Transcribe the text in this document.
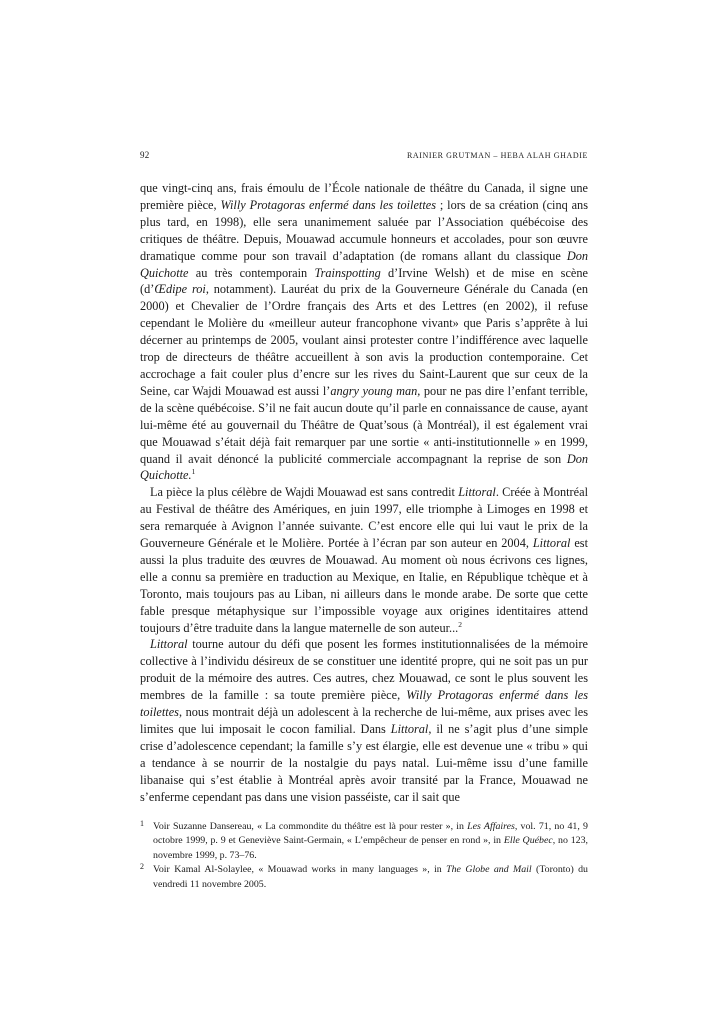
92	RAINIER GRUTMAN – HEBA ALAH GHADIE

que vingt-cinq ans, frais émoulu de l’École nationale de théâtre du Canada, il signe une première pièce, Willy Protagoras enfermé dans les toilettes ; lors de sa création (cinq ans plus tard, en 1998), elle sera unanimement saluée par l’Association québécoise des critiques de théâtre. Depuis, Mouawad accumule honneurs et accolades, pour son œuvre dramatique comme pour son travail d’adaptation (de romans allant du classique Don Quichotte au très contemporain Trainspotting d’Irvine Welsh) et de mise en scène (d’Œdipe roi, notamment). Lauréat du prix de la Gouverneure Générale du Canada (en 2000) et Chevalier de l’Ordre français des Arts et des Lettres (en 2002), il refuse cependant le Molière du «meilleur auteur francophone vivant» que Paris s’apprête à lui décerner au printemps de 2005, voulant ainsi protester contre l’indifférence avec laquelle trop de directeurs de théâtre accueillent à son avis la production contemporaine. Cet accrochage a fait couler plus d’encre sur les rives du Saint-Laurent que sur ceux de la Seine, car Wajdi Mouawad est aussi l’angry young man, pour ne pas dire l’enfant terrible, de la scène québécoise. S’il ne fait aucun doute qu’il parle en connaissance de cause, ayant lui-même été au gouvernail du Théâtre de Quat’sous (à Montréal), il est également vrai que Mouawad s’était déjà fait remarquer par une sortie « anti-institutionnelle » en 1999, quand il avait dénoncé la publicité commerciale accompagnant la reprise de son Don Quichotte.$^1$

La pièce la plus célèbre de Wajdi Mouawad est sans contredit Littoral. Créée à Montréal au Festival de théâtre des Amériques, en juin 1997, elle triomphe à Limoges en 1998 et sera remarquée à Avignon l’année suivante. C’est encore elle qui lui vaut le prix de la Gouverneure Générale et le Molière. Portée à l’écran par son auteur en 2004, Littoral est aussi la plus traduite des œuvres de Mouawad. Au moment où nous écrivons ces lignes, elle a connu sa première en traduction au Mexique, en Italie, en République tchèque et à Toronto, mais toujours pas au Liban, ni ailleurs dans le monde arabe. De sorte que cette fable presque métaphysique sur l’impossible voyage aux origines identitaires attend toujours d’être traduite dans la langue maternelle de son auteur...$^2$

Littoral tourne autour du défi que posent les formes institutionnalisées de la mémoire collective à l’individu désireux de se constituer une identité propre, qui ne soit pas un pur produit de la mémoire des autres. Ces autres, chez Mouawad, ce sont le plus souvent les membres de la famille : sa toute première pièce, Willy Protagoras enfermé dans les toilettes, nous montrait déjà un adolescent à la recherche de lui-même, aux prises avec les limites que lui imposait le cocon familial. Dans Littoral, il ne s’agit plus d’une simple crise d’adolescence cependant; la famille s’y est élargie, elle est devenue une « tribu » qui a tendance à se nourrir de la nostalgie du pays natal. Lui-même issu d’une famille libanaise qui s’est établie à Montréal après avoir transité par la France, Mouawad ne s’enferme cependant pas dans une vision passéiste, car il sait que

1 Voir Suzanne Dansereau, « La commondite du théâtre est là pour rester », in Les Affaires, vol. 71, no 41, 9 octobre 1999, p. 9 et Geneviève Saint-Germain, « L’empêcheur de penser en rond », in Elle Québec, no 123, novembre 1999, p. 73–76.
2 Voir Kamal Al-Solaylee, « Mouawad works in many languages », in The Globe and Mail (Toronto) du vendredi 11 novembre 2005.
